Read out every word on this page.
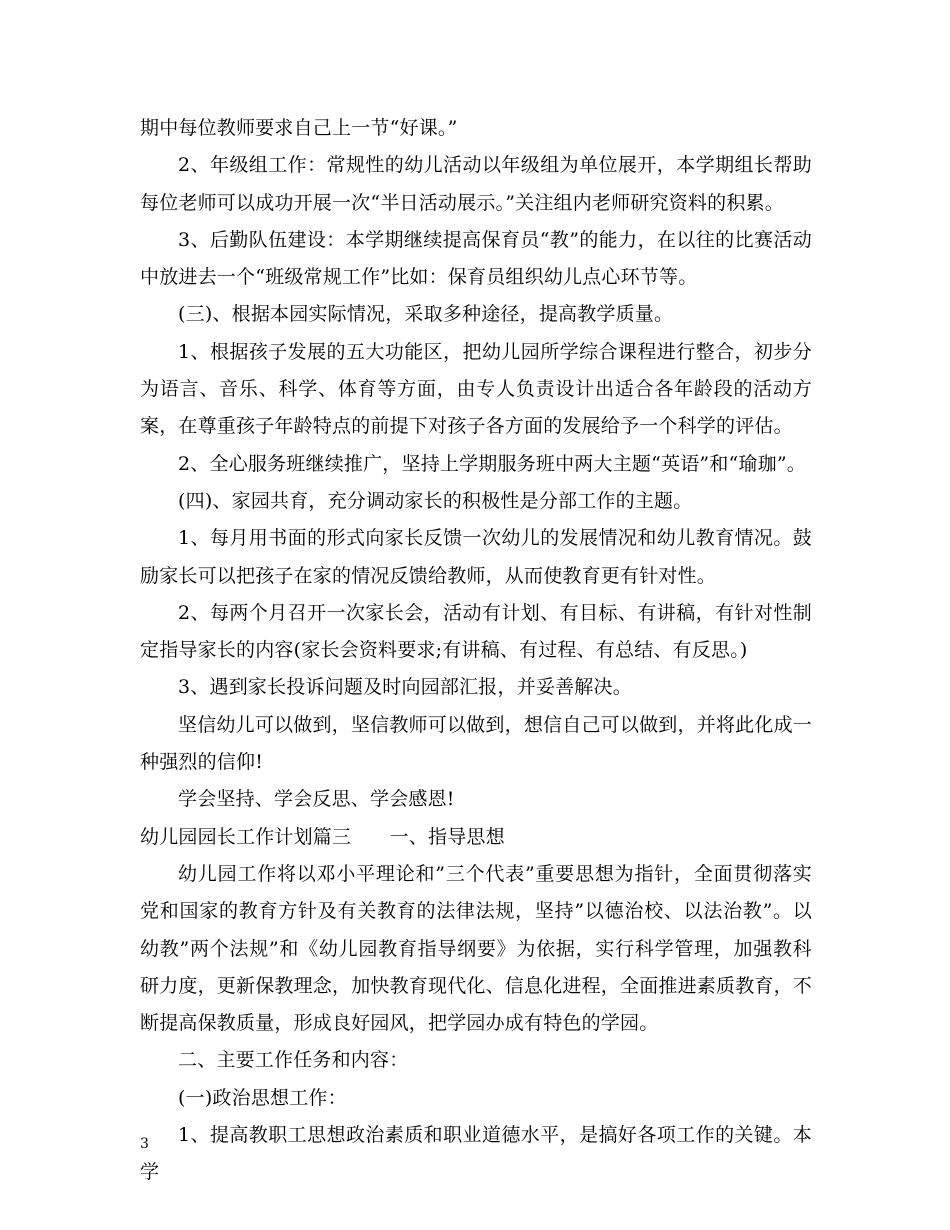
期中每位教师要求自己上一节“好课。”

2、年级组工作：常规性的幼儿活动以年级组为单位展开，本学期组长帮助每位老师可以成功开展一次“半日活动展示。”关注组内老师研究资料的积累。

3、后勤队伍建设：本学期继续提高保育员“教”的能力，在以往的比赛活动中放进去一个“班级常规工作”比如：保育员组织幼儿点心环节等。

(三)、根据本园实际情况，采取多种途径，提高教学质量。

1、根据孩子发展的五大功能区，把幼儿园所学综合课程进行整合，初步分为语言、音乐、科学、体育等方面，由专人负责设计出适合各年龄段的活动方案，在尊重孩子年龄特点的前提下对孩子各方面的发展给予一个科学的评估。

2、全心服务班继续推广，坚持上学期服务班中两大主题“英语”和“瑜珈”。

(四)、家园共育，充分调动家长的积极性是分部工作的主题。

1、每月用书面的形式向家长反馈一次幼儿的发展情况和幼儿教育情况。鼓励家长可以把孩子在家的情况反馈给教师，从而使教育更有针对性。

2、每两个月召开一次家长会，活动有计划、有目标、有讲稿，有针对性制定指导家长的内容(家长会资料要求;有讲稿、有过程、有总结、有反思。)

3、遇到家长投诉问题及时向园部汇报，并妥善解决。

坚信幼儿可以做到，坚信教师可以做到，想信自己可以做到，并将此化成一种强烈的信仰!

学会坚持、学会反思、学会感恩!

幼儿园园长工作计划篇三　　一、指导思想

幼儿园工作将以邓小平理论和”三个代表”重要思想为指针，全面贯彻落实党和国家的教育方针及有关教育的法律法规，坚持”以德治校、以法治教”。以幼教”两个法规”和《幼儿园教育指导纲要》为依据，实行科学管理，加强教科研力度，更新保教理念，加快教育现代化、信息化进程，全面推进素质教育，不断提高保教质量，形成良好园风，把学园办成有特色的学园。

二、主要工作任务和内容：

(一)政治思想工作：

1、提高教职工思想政治素质和职业道德水平，是搞好各项工作的关键。本学

3
